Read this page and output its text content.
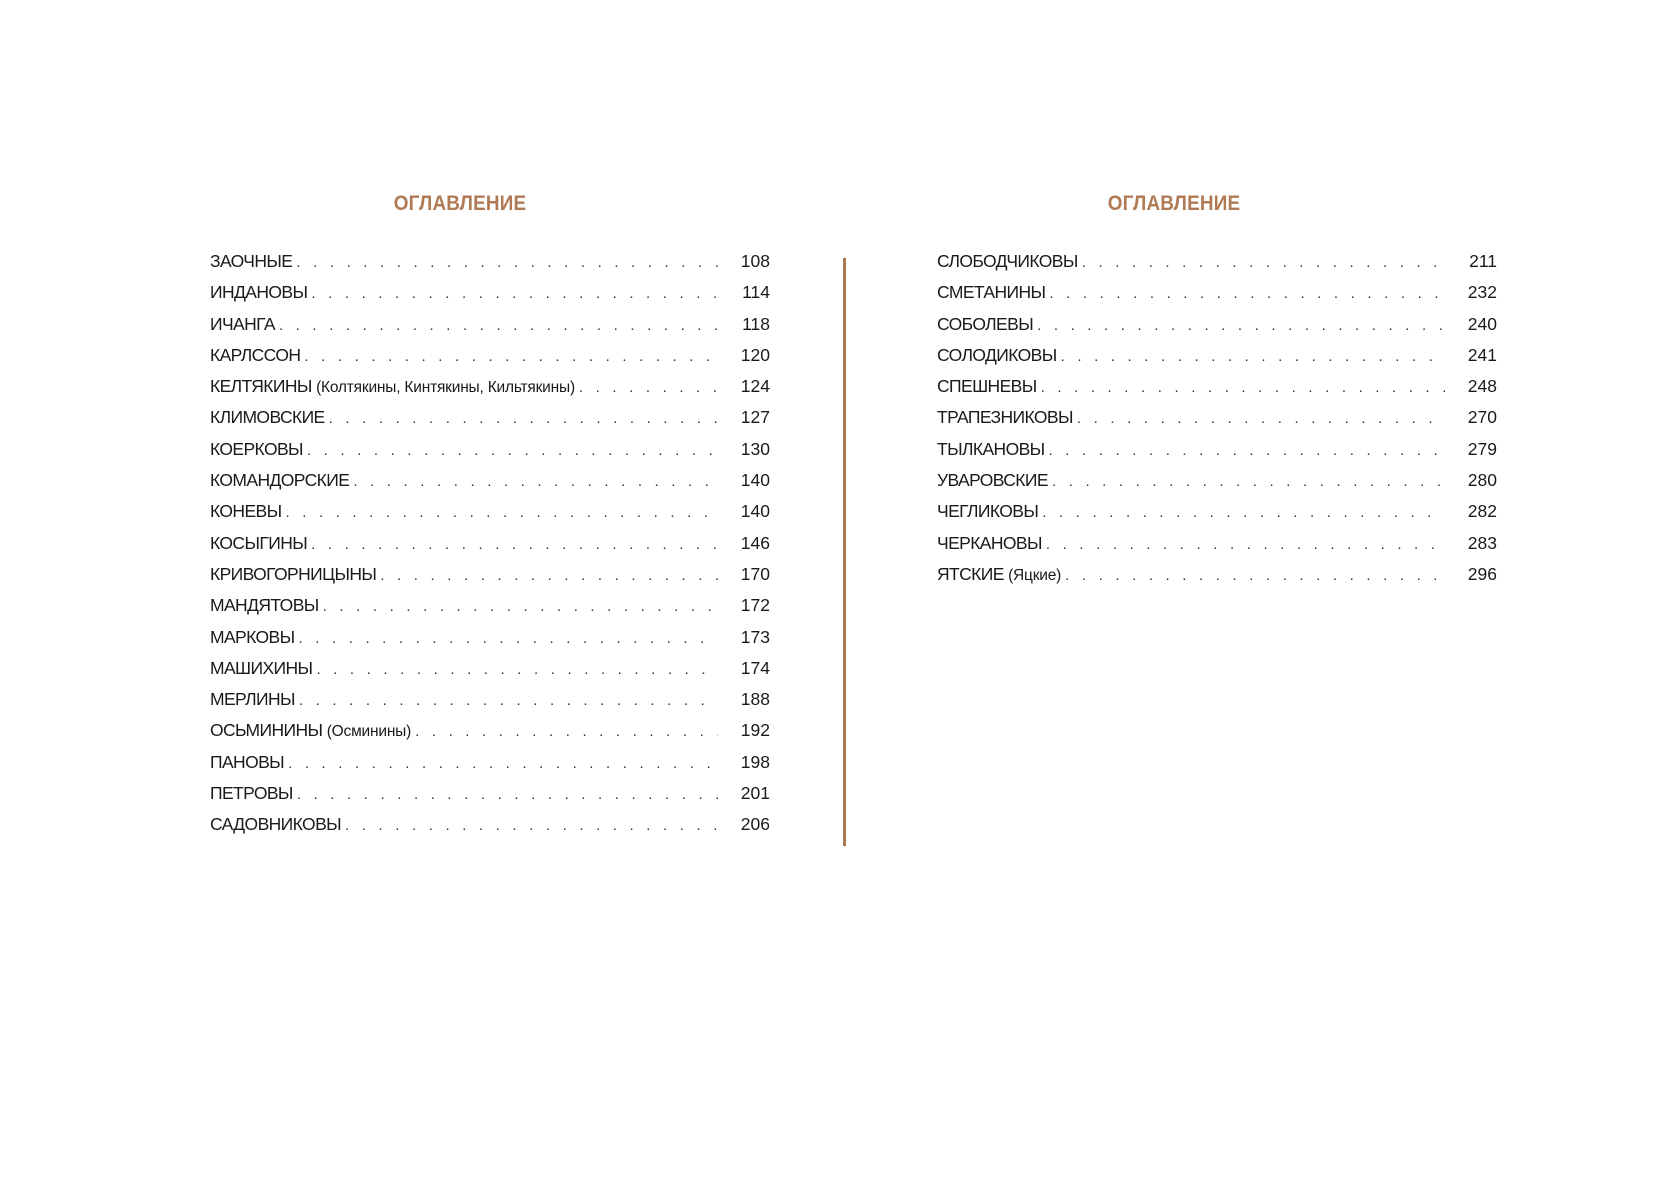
ОГЛАВЛЕНИЕ
ЗАОЧНЫЕ . . .	108
ИНДАНОВЫ . . .	114
ИЧАНГА . . .	118
КАРЛССОН . . .	120
КЕЛТЯКИНЫ (Колтякины, Кинтякины, Кильтякины) . . .	124
КЛИМОВСКИЕ . . .	127
КОЕРКОВЫ . . .	130
КОМАНДОРСКИЕ . . .	140
КОНЕВЫ . . .	140
КОСЫГИНЫ . . .	146
КРИВОГОРНИЦЫНЫ . . .	170
МАНДЯТОВЫ . . .	172
МАРКОВЫ . . .	173
МАШИХИНЫ . . .	174
МЕРЛИНЫ . . .	188
ОСЬМИНИНЫ (Осминины) . . .	192
ПАНОВЫ . . .	198
ПЕТРОВЫ . . .	201
САДОВНИКОВЫ . . .	206
ОГЛАВЛЕНИЕ
СЛОБОДЧИКОВЫ . . .	211
СМЕТАНИНЫ . . .	232
СОБОЛЕВЫ . . .	240
СОЛОДИКОВЫ . . .	241
СПЕШНЕВЫ . . .	248
ТРАПЕЗНИКОВЫ . . .	270
ТЫЛКАНОВЫ . . .	279
УВАРОВСКИЕ . . .	280
ЧЕГЛИКОВЫ . . .	282
ЧЕРКАНОВЫ . . .	283
ЯТСКИЕ (Яцкие) . . .	296
